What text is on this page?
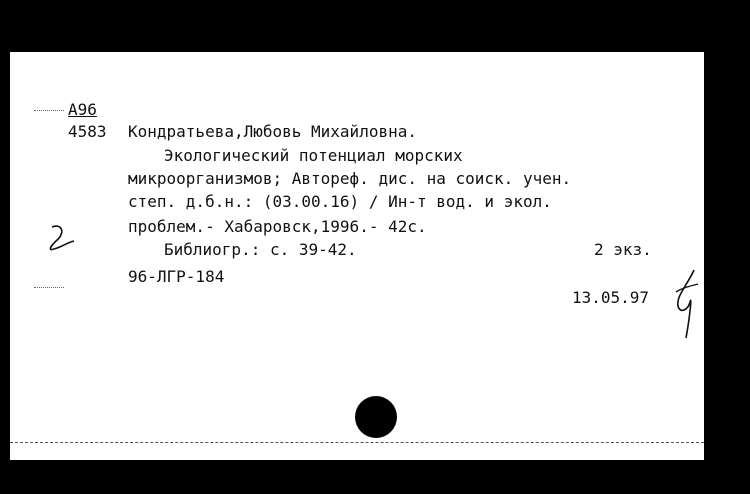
А96
4583 Кондратьева,Любовь Михайловна.
Экологический потенциал морских
микроорганизмов; Автореф. дис. на соиск. учен.
степ. д.б.н.: (03.00.16) / Ин-т вод. и экол.
проблем.- Хабаровск,1996.- 42с.
Библиогр.: с. 39-42.	2 экз.
96-ЛГР-184
13.05.97
